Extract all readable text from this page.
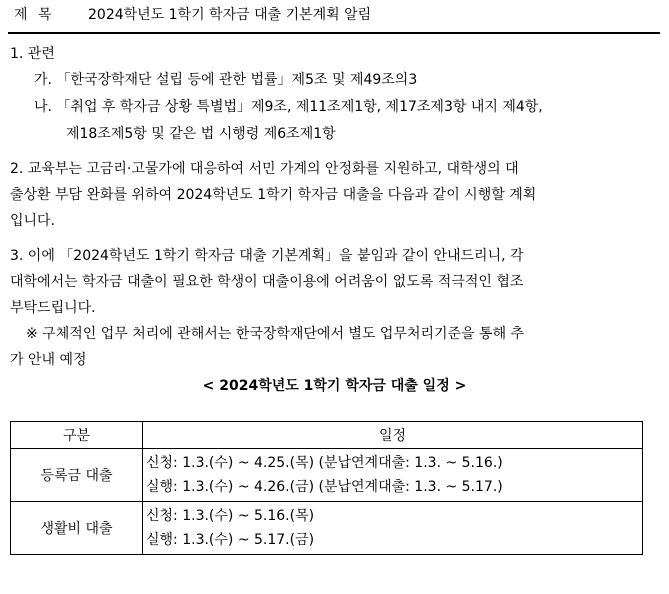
제 목 2024학년도 1학기 학자금 대출 기본계획 알림
1. 관련
가. 「한국장학재단 설립 등에 관한 법률」제5조 및 제49조의3
나. 「취업 후 학자금 상황 특별법」제9조, 제11조제1항, 제17조제3항 내지 제4항,
제18조제5항 및 같은 법 시행령 제6조제1항
2. 교육부는 고금리·고물가에 대응하여 서민 가계의 안정화를 지원하고, 대학생의 대
출상환 부담 완화를 위하여 2024학년도 1학기 학자금 대출을 다음과 같이 시행할 계획
입니다.
3. 이에 「2024학년도 1학기 학자금 대출 기본계획」을 붙임과 같이 안내드리니, 각
대학에서는 학자금 대출이 필요한 학생이 대출이용에 어려움이 없도록 적극적인 협조
부탁드립니다.
※ 구체적인 업무 처리에 관해서는 한국장학재단에서 별도 업무처리기준을 통해 추
가 안내 예정
< 2024학년도 1학기 학자금 대출 일정 >
구분	일정
등록금 대출	신청: 1.3.(수) ~ 4.25.(목) (분납연계대출: 1.3. ~ 5.16.)
실행: 1.3.(수) ~ 4.26.(금) (분납연계대출: 1.3. ~ 5.17.)

생활비 대출	신청: 1.3.(수) ~ 5.16.(목)
실행: 1.3.(수) ~ 5.17.(금)
